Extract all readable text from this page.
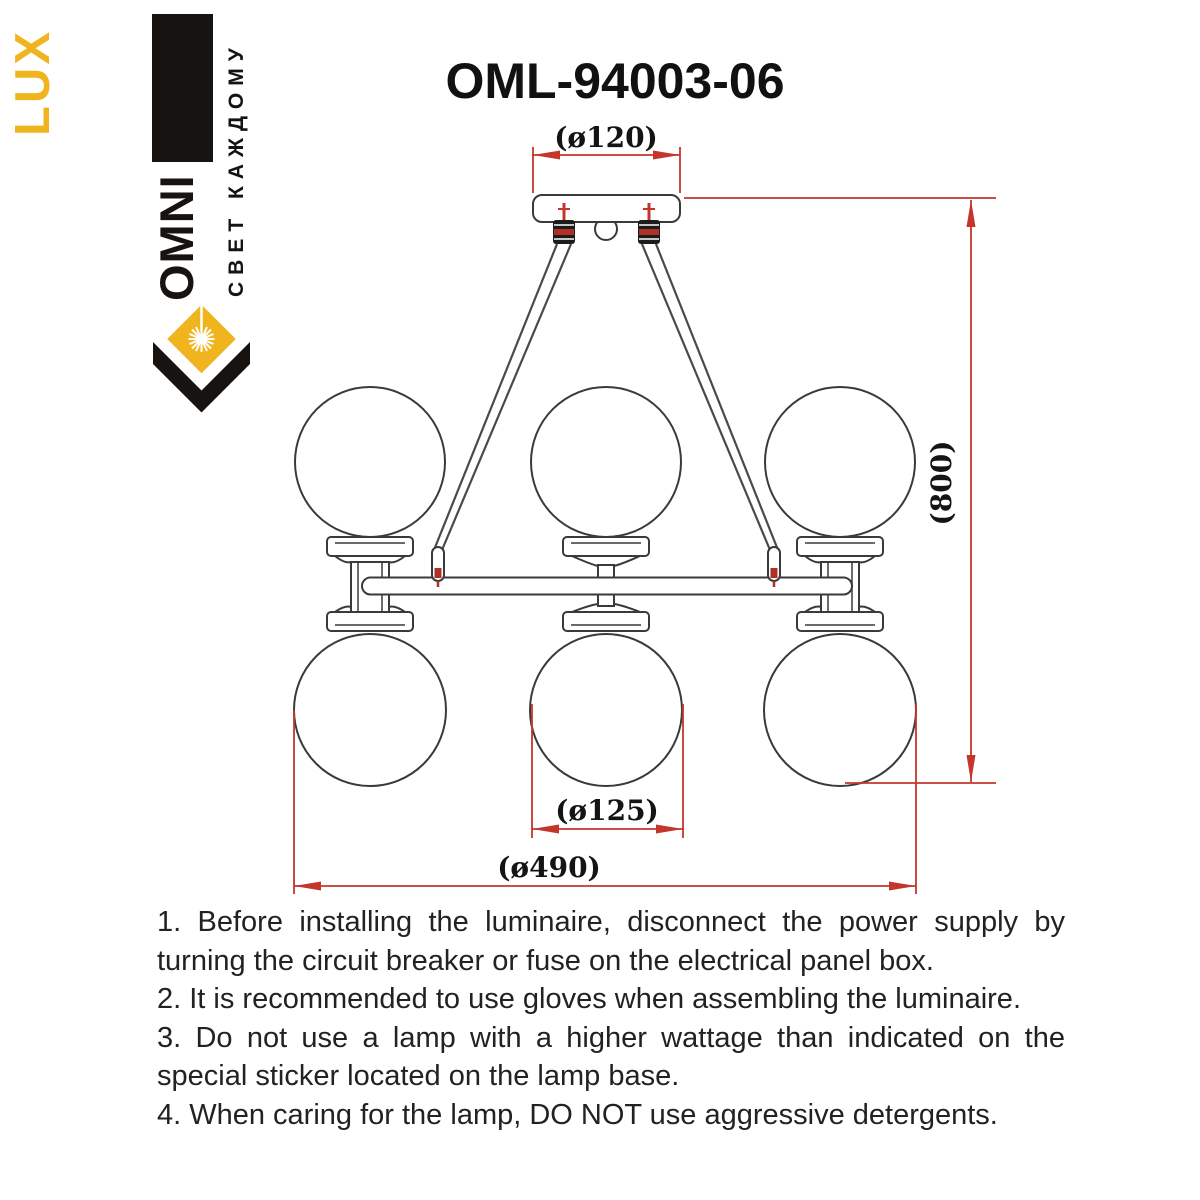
LUX
OMNI СВЕТ КАЖДОМУ	OML-94003-06
(ø120)
(800)
(ø125)
(ø490)

1. Before installing the luminaire, disconnect the power supply by turning the circuit breaker or fuse on the electrical panel box.

2. It is recommended to use gloves when assembling the luminaire.

3. Do not use a lamp with a higher wattage than indicated on the special sticker located on the lamp base.

4. When caring for the lamp, DO NOT use aggressive detergents.
